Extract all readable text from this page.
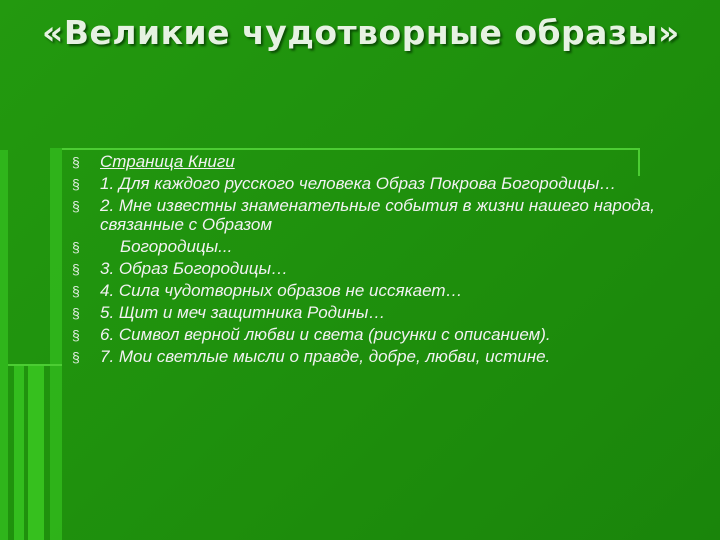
«Великие чудотворные образы»
§ Страница Книги
§ 1. Для каждого русского человека Образ Покрова Богородицы…
§ 2. Мне известны знаменательные события в жизни нашего народа, связанные с Образом
§ Богородицы...
§ 3. Образ Богородицы…
§ 4. Сила чудотворных образов не иссякает…
§ 5. Щит и меч защитника Родины…
§ 6. Символ верной любви и света (рисунки с описанием).
§ 7. Мои светлые мысли о правде, добре, любви, истине.
